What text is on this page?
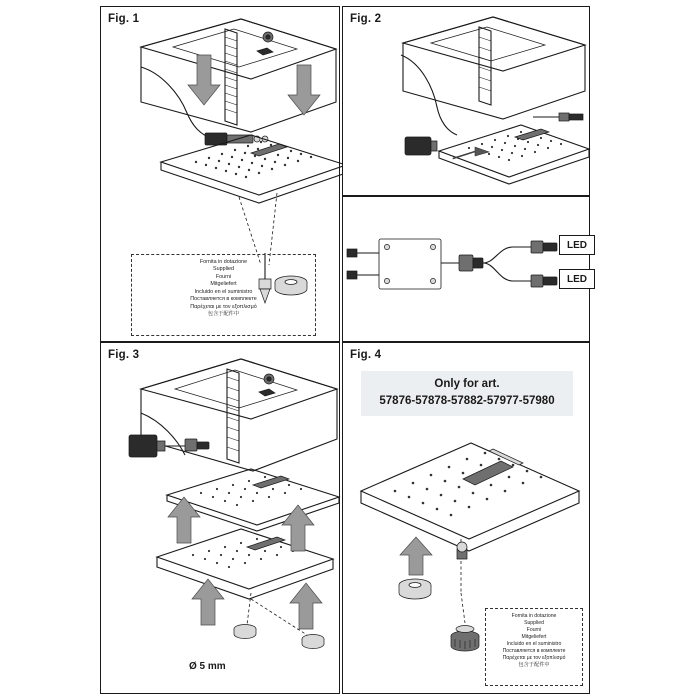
Fig. 1
Fornita in dotazione
Supplied
Fourni
Mitgeliefert
Incluido en el suministro
Поставляется в комплекте
Παρέχεται με τον εξοπλισμό
包含于配件中
Fig. 2
LED
LED
Fig. 3
Ø 5 mm
Fig. 4
Only for art.
57876-57878-57882-57977-57980
Fornita in dotazione
Supplied
Fourni
Mitgeliefert
Incluido en el suministro
Поставляется в комплекте
Παρέχεται με τον εξοπλισμό
包含于配件中
